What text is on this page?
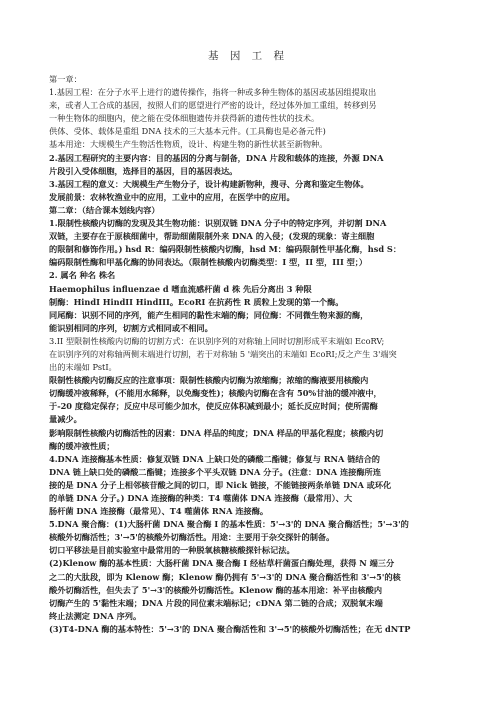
基 因 工 程
第一章：
1.基因工程：在分子水平上进行的遗传操作，指将一种或多种生物体的基因或基因组提取出
来，或者人工合成的基因，按照人们的愿望进行严密的设计，经过体外加工重组，转移到另
一种生物体的细胞内，使之能在受体细胞遗传并获得新的遗传性状的技术。
供体、受体、载体是重组 DNA 技术的三大基本元件。(工具酶也是必备元件)
基本用途：大规模生产生物活性物质，设计、构建生物的新性状甚至新物种。
2.基因工程研究的主要内容：目的基因的分离与制备，DNA 片段和载体的连接，外源 DNA
片段引入受体细胞，选择目的基因，目的基因表达。
3.基因工程的意义：大规模生产生物分子，设计构建新物种，搜寻、分离和鉴定生物体。
发展前景：农林牧渔业中的应用，工业中的应用，在医学中的应用。
第二章：（结合课本划线内容）
1.限制性核酸内切酶的发现及其生物功能：识别双链 DNA 分子中的特定序列，并切割 DNA
双链，主要存在于原核细菌中，帮助细菌限制外来 DNA 的入侵；(发现的现象：寄主细胞
的限制和修饰作用。) hsd R：编码限制性核酸内切酶，hsd M：编码限制性甲基化酶，hsd S：
编码限制性酶和甲基化酶的协同表达。（限制性核酸内切酶类型：I 型，II 型，III 型；）
2. 属名 种名 株名
Haemophilus influenzae d 嗜血流感杆菌 d 株 先后分离出 3 种限
制酶：HindI HindII HindIII。EcoRI 在抗药性 R 质粒上发现的第一个酶。
同尾酶：识别不同的序列，能产生相同的黏性末端的酶；同位酶：不同微生物来源的酶，
能识别相同的序列，切割方式相同或不相同。
3.II 型限制性核酸内切酶的切割方式：在识别序列的对称轴上同时切割形成平末端如 EcoRV;
在识别序列的对称轴两侧末端进行切割，若于对称轴 5 '端突出的末端如 EcoRI;反之产生 3'端突
出的末端如 PstI。
限制性核酸内切酶反应的注意事项：限制性核酸内切酶为浓缩酶；浓缩的酶液要用核酸内
切酶缓冲液稀释，(不能用水稀释，以免酶变性)；核酸内切酶在含有 50%甘油的缓冲液中，
于-20 度稳定保存；反应中尽可能少加水，使反应体积减到最小；延长反应时间；使所需酶
量减少。
影响限制性核酸内切酶活性的因素：DNA 样品的纯度；DNA 样品的甲基化程度；核酸内切
酶的缓冲液性质；
4.DNA 连接酶基本性质：修复双链 DNA 上缺口处的磷酸二酯键；修复与 RNA 链结合的
DNA 链上缺口处的磷酸二酯键；连接多个平头双链 DNA 分子。(注意：DNA 连接酶所连
接的是 DNA 分子上相邻核苷酸之间的切口，即 Nick 链接，不能链接两条单链 DNA 或环化
的单链 DNA 分子。) DNA 连接酶的种类：T4 噬菌体 DNA 连接酶（最常用）、大
肠杆菌 DNA 连接酶（最常见）、T4 噬菌体 RNA 连接酶。
5.DNA 聚合酶：(1)大肠杆菌 DNA 聚合酶 I 的基本性质：5'→3'的 DNA 聚合酶活性；5'→3'的
核酸外切酶活性；3'→5'的核酸外切酶活性。用途：主要用于杂交探针的制备。
切口平移法是目前实验室中最常用的一种脱氧核糖核酸探针标记法。
(2)Klenow 酶的基本性质：大肠杆菌 DNA 聚合酶 I 经枯草杆菌蛋白酶处理，获得 N 端三分
之二的大肽段，即为 Klenow 酶；Klenow 酶仍拥有 5'→3'的 DNA 聚合酶活性和 3'→5'的核
酸外切酶活性，但失去了 5'→3'的核酸外切酶活性。Klenow 酶的基本用途：补平由核酸内
切酶产生的 5'黏性末端；DNA 片段的同位素末端标记；cDNA 第二链的合成；双脱氧末端
终止法测定 DNA 序列。
(3)T4-DNA 酶的基本特性：5'→3'的 DNA 聚合酶活性和 3'→5'的核酸外切酶活性；在无 dNTP
